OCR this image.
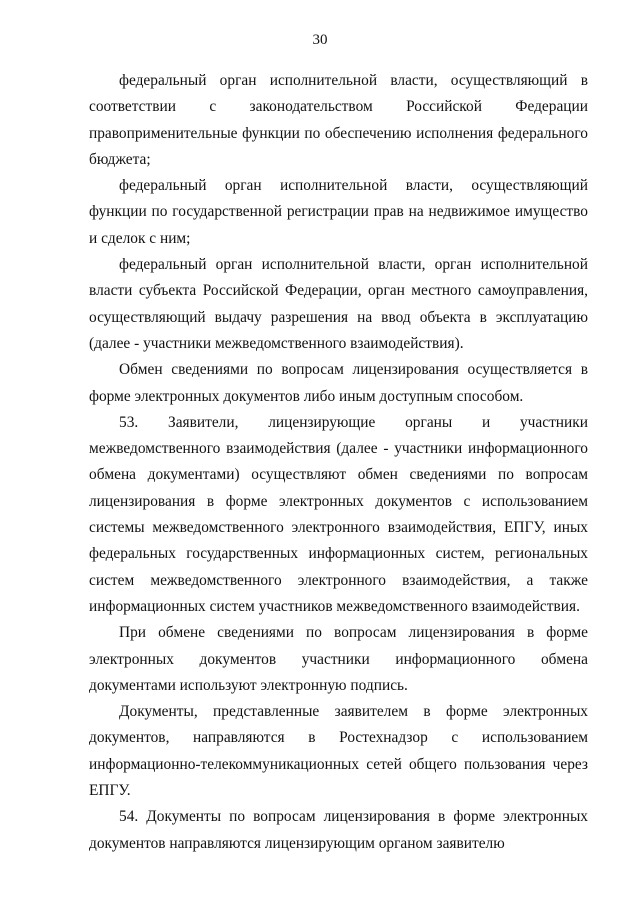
30

федеральный орган исполнительной власти, осуществляющий в соответствии с законодательством Российской Федерации правоприменительные функции по обеспечению исполнения федерального бюджета;

федеральный орган исполнительной власти, осуществляющий функции по государственной регистрации прав на недвижимое имущество и сделок с ним;

федеральный орган исполнительной власти, орган исполнительной власти субъекта Российской Федерации, орган местного самоуправления, осуществляющий выдачу разрешения на ввод объекта в эксплуатацию (далее - участники межведомственного взаимодействия).

Обмен сведениями по вопросам лицензирования осуществляется в форме электронных документов либо иным доступным способом.

53. Заявители, лицензирующие органы и участники межведомственного взаимодействия (далее - участники информационного обмена документами) осуществляют обмен сведениями по вопросам лицензирования в форме электронных документов с использованием системы межведомственного электронного взаимодействия, ЕПГУ, иных федеральных государственных информационных систем, региональных систем межведомственного электронного взаимодействия, а также информационных систем участников межведомственного взаимодействия.

При обмене сведениями по вопросам лицензирования в форме электронных документов участники информационного обмена документами используют электронную подпись.

Документы, представленные заявителем в форме электронных документов, направляются в Ростехнадзор с использованием информационно-телекоммуникационных сетей общего пользования через ЕПГУ.

54. Документы по вопросам лицензирования в форме электронных документов направляются лицензирующим органом заявителю
